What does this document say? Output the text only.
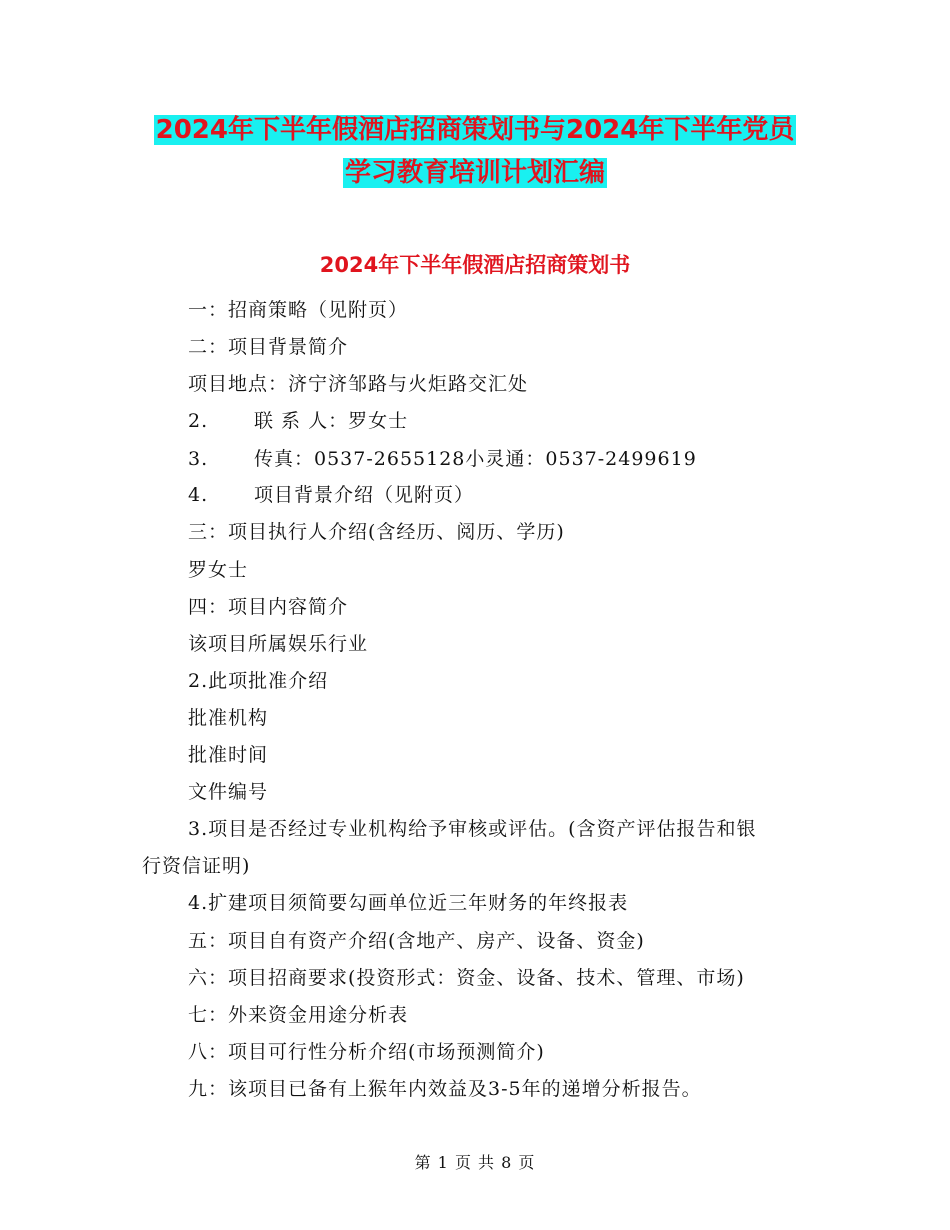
2024年下半年假酒店招商策划书与2024年下半年党员
学习教育培训计划汇编
2024年下半年假酒店招商策划书
一：招商策略（见附页）
二：项目背景简介
项目地点：济宁济邹路与火炬路交汇处
2. 联 系 人：罗女士
3. 传真：0537-2655128小灵通：0537-2499619
4. 项目背景介绍（见附页）
三：项目执行人介绍(含经历、阅历、学历)
罗女士
四：项目内容简介
该项目所属娱乐行业
2.此项批准介绍
批准机构
批准时间
文件编号
3.项目是否经过专业机构给予审核或评估。(含资产评估报告和银
行资信证明)
4.扩建项目须简要勾画单位近三年财务的年终报表
五：项目自有资产介绍(含地产、房产、设备、资金)
六：项目招商要求(投资形式：资金、设备、技术、管理、市场)
七：外来资金用途分析表
八：项目可行性分析介绍(市场预测简介)
九：该项目已备有上猴年内效益及3-5年的递增分析报告。
第 1 页 共 8 页
